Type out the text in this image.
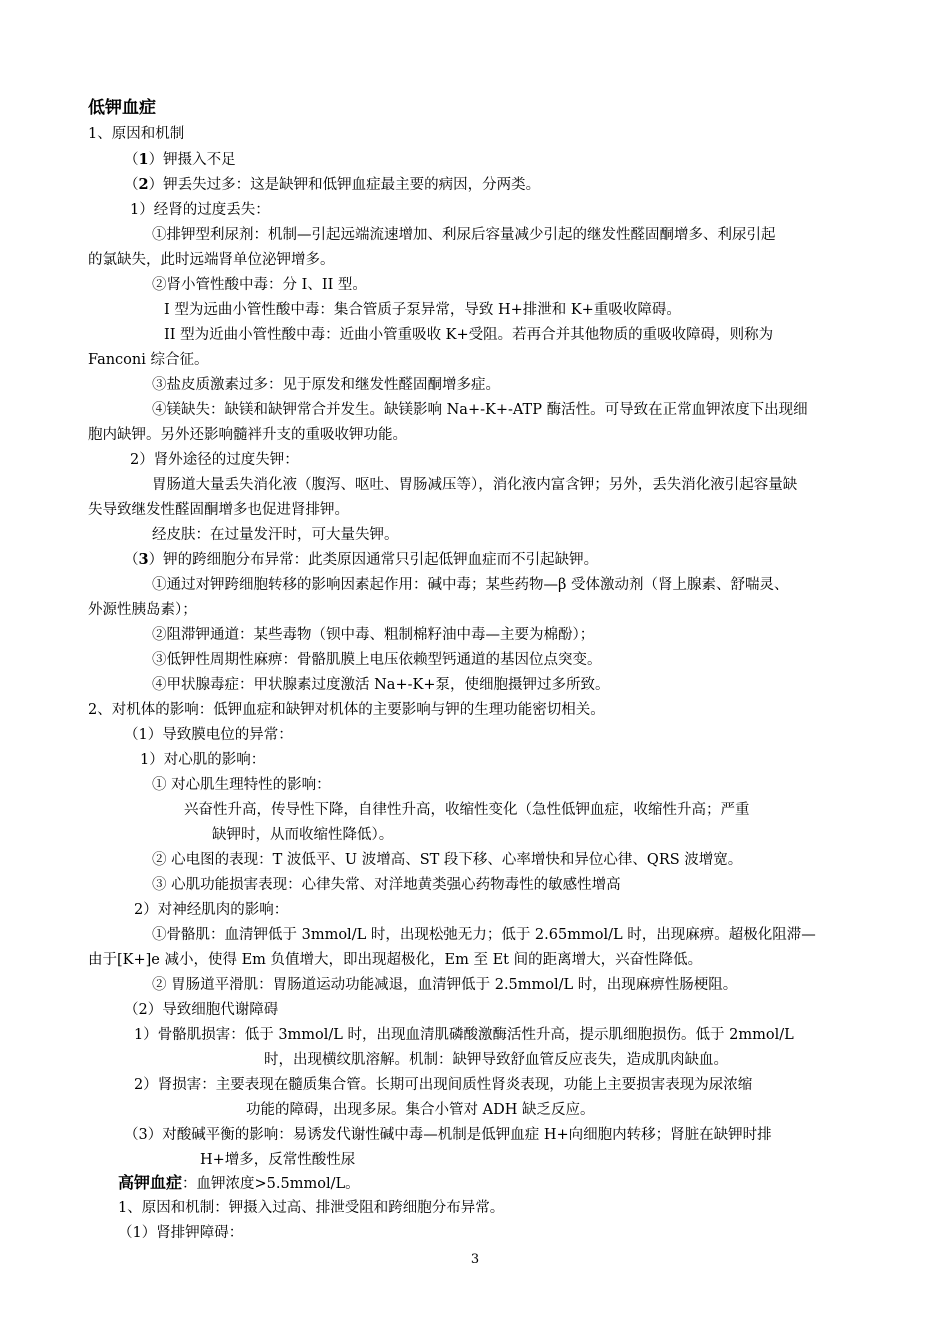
低钾血症
1、原因和机制
（1）钾摄入不足
（2）钾丢失过多：这是缺钾和低钾血症最主要的病因，分两类。
1）经肾的过度丢失：
①排钾型利尿剂：机制—引起远端流速增加、利尿后容量减少引起的继发性醛固酮增多、利尿引起
的氯缺失，此时远端肾单位泌钾增多。
②肾小管性酸中毒：分 I、II 型。
I 型为远曲小管性酸中毒：集合管质子泵异常，导致 H+排泄和 K+重吸收障碍。
II 型为近曲小管性酸中毒：近曲小管重吸收 K+受阻。若再合并其他物质的重吸收障碍，则称为
Fanconi 综合征。
③盐皮质激素过多：见于原发和继发性醛固酮增多症。
④镁缺失：缺镁和缺钾常合并发生。缺镁影响 Na+-K+-ATP 酶活性。可导致在正常血钾浓度下出现细
胞内缺钾。另外还影响髓袢升支的重吸收钾功能。
2）肾外途径的过度失钾：
胃肠道大量丢失消化液（腹泻、呕吐、胃肠减压等），消化液内富含钾；另外，丢失消化液引起容量缺
失导致继发性醛固酮增多也促进肾排钾。
经皮肤：在过量发汗时，可大量失钾。
（3）钾的跨细胞分布异常：此类原因通常只引起低钾血症而不引起缺钾。
①通过对钾跨细胞转移的影响因素起作用：碱中毒；某些药物—β 受体激动剂（肾上腺素、舒喘灵、
外源性胰岛素）；
②阻滞钾通道：某些毒物（钡中毒、粗制棉籽油中毒—主要为棉酚）；
③低钾性周期性麻痹：骨骼肌膜上电压依赖型钙通道的基因位点突变。
④甲状腺毒症：甲状腺素过度激活 Na+-K+泵，使细胞摄钾过多所致。
2、对机体的影响：低钾血症和缺钾对机体的主要影响与钾的生理功能密切相关。
（1）导致膜电位的异常：
1）对心肌的影响：
① 对心肌生理特性的影响：
兴奋性升高，传导性下降，自律性升高，收缩性变化（急性低钾血症，收缩性升高；严重
缺钾时，从而收缩性降低）。
② 心电图的表现：T 波低平、U 波增高、ST 段下移、心率增快和异位心律、QRS 波增宽。
③ 心肌功能损害表现：心律失常、对洋地黄类强心药物毒性的敏感性增高
2）对神经肌肉的影响：
①骨骼肌：血清钾低于 3mmol/L 时，出现松弛无力；低于 2.65mmol/L 时，出现麻痹。超极化阻滞—
由于[K+]e 减小，使得 Em 负值增大，即出现超极化，Em 至 Et 间的距离增大，兴奋性降低。
② 胃肠道平滑肌：胃肠道运动功能减退，血清钾低于 2.5mmol/L 时，出现麻痹性肠梗阻。
（2）导致细胞代谢障碍
1）骨骼肌损害：低于 3mmol/L 时，出现血清肌磷酸激酶活性升高，提示肌细胞损伤。低于 2mmol/L
时，出现横纹肌溶解。机制：缺钾导致舒血管反应丧失，造成肌肉缺血。
2）肾损害：主要表现在髓质集合管。长期可出现间质性肾炎表现，功能上主要损害表现为尿浓缩
功能的障碍，出现多尿。集合小管对 ADH 缺乏反应。
（3）对酸碱平衡的影响：易诱发代谢性碱中毒—机制是低钾血症 H+向细胞内转移；肾脏在缺钾时排
H+增多，反常性酸性尿
高钾血症：血钾浓度>5.5mmol/L。
1、原因和机制：钾摄入过高、排泄受阻和跨细胞分布异常。
（1）肾排钾障碍：
3
